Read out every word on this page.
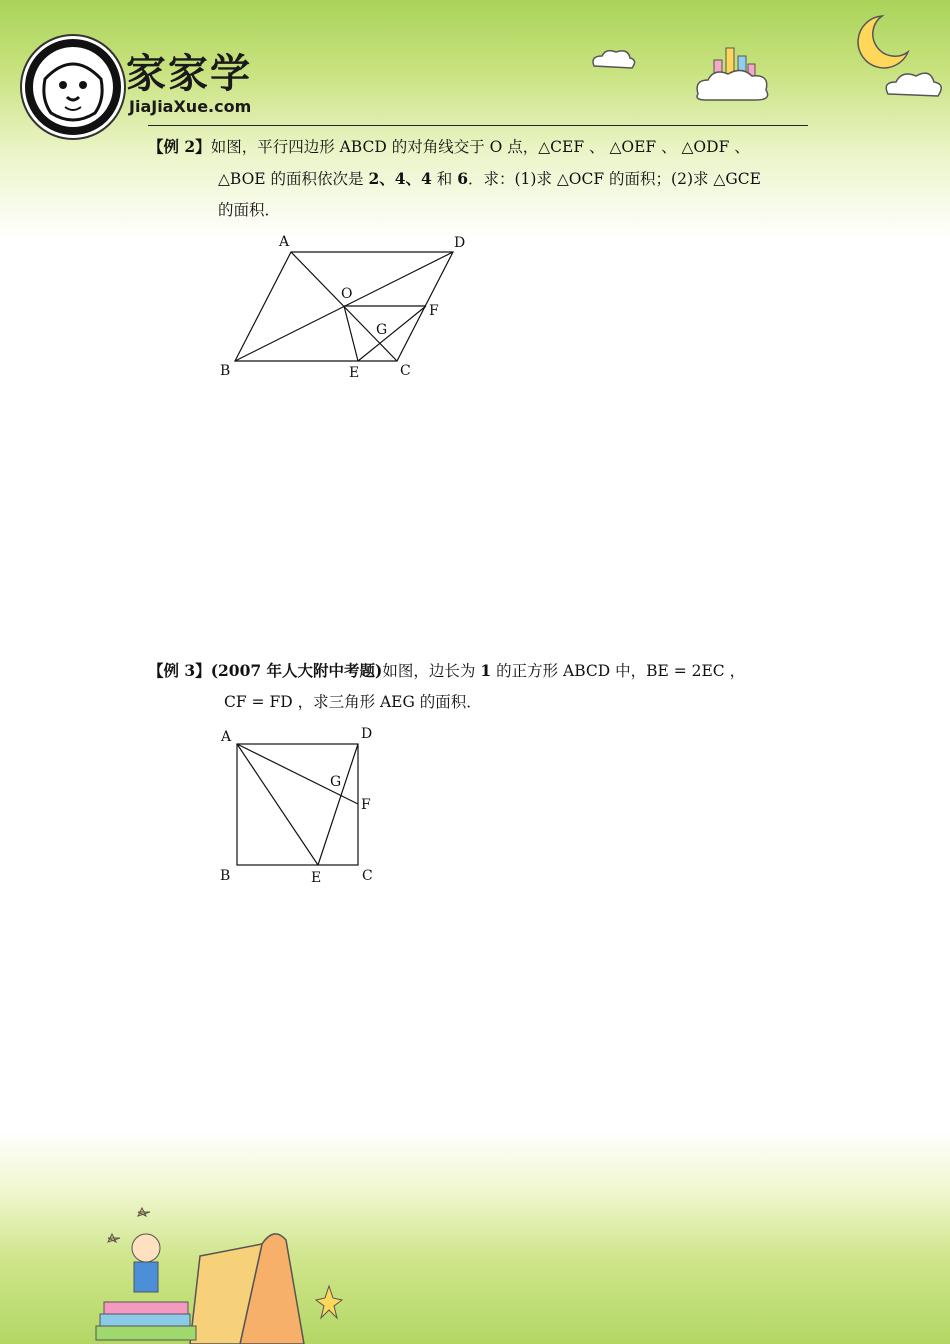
家家学
JiaJiaXue.com
【例 2】如图，平行四边形 ABCD 的对角线交于 O 点，△CEF 、 △OEF 、 △ODF 、
△BOE 的面积依次是 2、4、4 和 6．求：(1)求 △OCF 的面积；(2)求 △GCE
的面积．
A	D
O
F
G
B	E	C
【例 3】(2007 年人大附中考题)如图，边长为 1 的正方形 ABCD 中，BE = 2EC ，
CF = FD ，求三角形 AEG 的面积．
A	D
G
F
B	E	C
